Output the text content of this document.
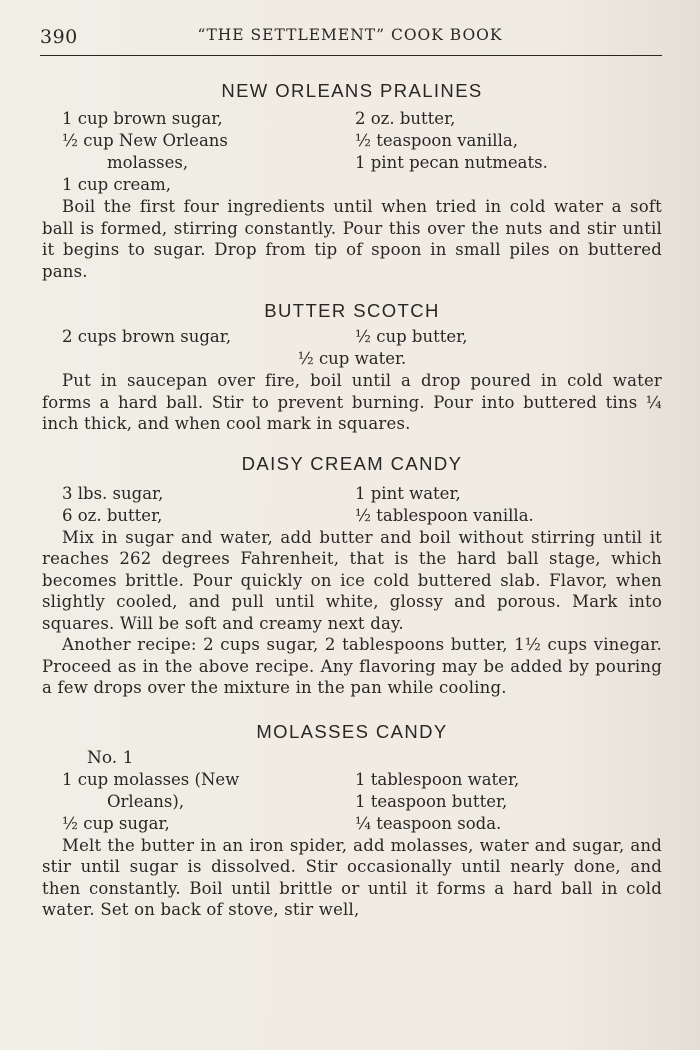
390	“THE SETTLEMENT” COOK BOOK
NEW ORLEANS PRALINES
1 cup brown sugar,	2 oz. butter,
½ cup New Orleans	½ teaspoon vanilla,
molasses,	1 pint pecan nutmeats.
1 cup cream,

Boil the first four ingredients until when tried in cold water a soft ball is formed, stirring constantly. Pour this over the nuts and stir until it begins to sugar. Drop from tip of spoon in small piles on buttered pans.

BUTTER SCOTCH
2 cups brown sugar,	½ cup butter,
½ cup water.

Put in saucepan over fire, boil until a drop poured in cold water forms a hard ball. Stir to prevent burning. Pour into buttered tins ¼ inch thick, and when cool mark in squares.

DAISY CREAM CANDY
3 lbs. sugar,	1 pint water,
6 oz. butter,	½ tablespoon vanilla.

Mix in sugar and water, add butter and boil without stirring until it reaches 262 degrees Fahrenheit, that is the hard ball stage, which becomes brittle. Pour quickly on ice cold buttered slab. Flavor, when slightly cooled, and pull until white, glossy and porous. Mark into squares. Will be soft and creamy next day.

Another recipe: 2 cups sugar, 2 tablespoons butter, 1½ cups vinegar. Proceed as in the above recipe. Any flavoring may be added by pouring a few drops over the mixture in the pan while cooling.

MOLASSES CANDY
No. 1
1 cup molasses (New	1 tablespoon water,
Orleans),	1 teaspoon butter,
½ cup sugar,	¼ teaspoon soda.

Melt the butter in an iron spider, add molasses, water and sugar, and stir until sugar is dissolved. Stir occasionally until nearly done, and then constantly. Boil until brittle or until it forms a hard ball in cold water. Set on back of stove, stir well,
